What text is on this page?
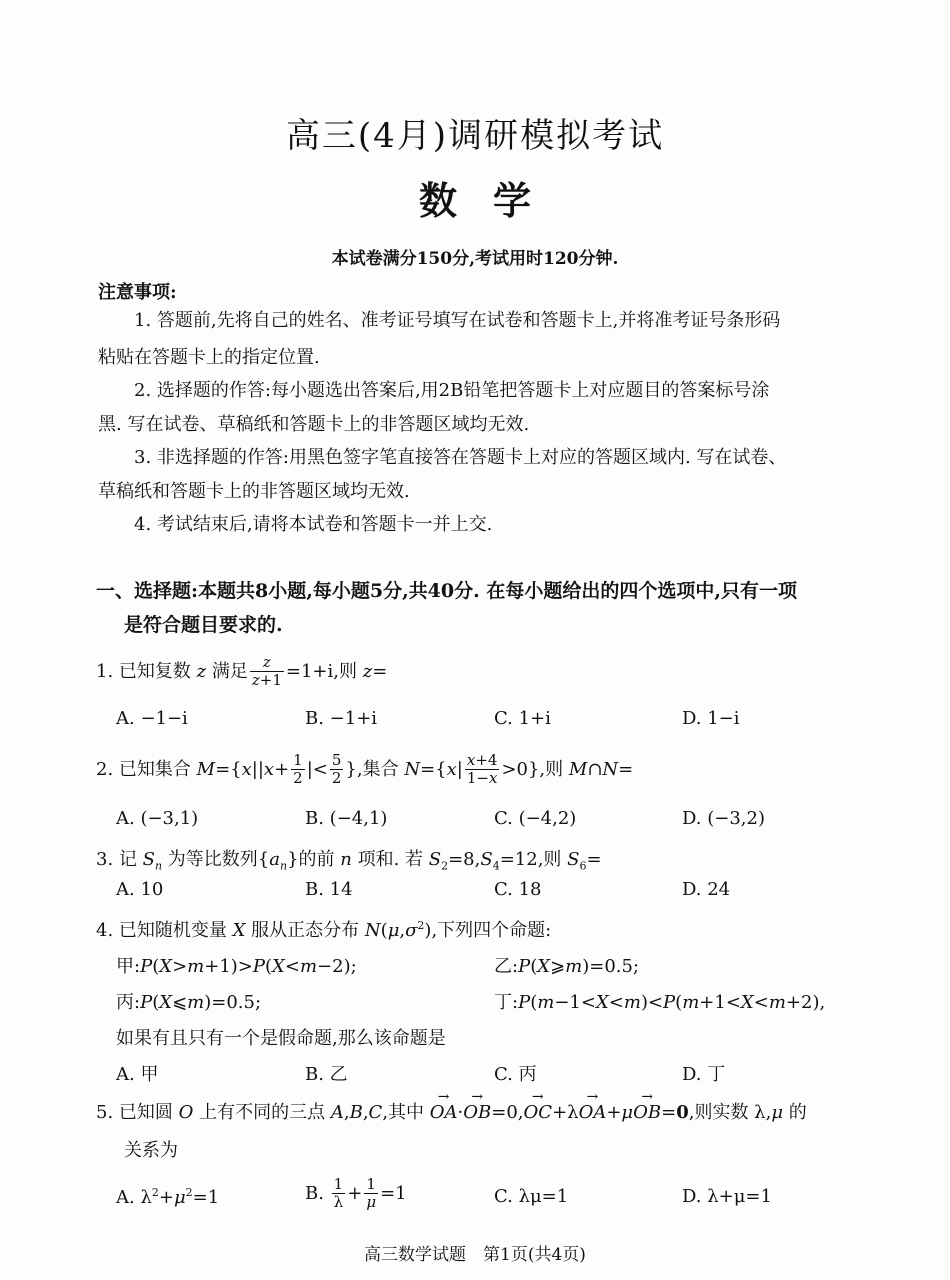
高三(4月)调研模拟考试
数学
本试卷满分150分,考试用时120分钟.
注意事项:
1. 答题前,先将自己的姓名、准考证号填写在试卷和答题卡上,并将准考证号条形码
粘贴在答题卡上的指定位置.
2. 选择题的作答:每小题选出答案后,用2B铅笔把答题卡上对应题目的答案标号涂
黑. 写在试卷、草稿纸和答题卡上的非答题区域均无效.
3. 非选择题的作答:用黑色签字笔直接答在答题卡上对应的答题区域内. 写在试卷、
草稿纸和答题卡上的非答题区域均无效.
4. 考试结束后,请将本试卷和答题卡一并上交.
一、选择题:本题共8小题,每小题5分,共40分. 在每小题给出的四个选项中,只有一项
是符合题目要求的.
1. 已知复数 z 满足 $\frac{z}{z+1} =1+i$,则 z=
A. −1−i	B. −1+i	C. 1+i	D. 1−i
2. 已知集合 $M=\{x||x+ \frac{1}{2}$ |< $\frac{5}{2}$ },集合 $N=\{x| \frac{x+4}{1-x} >0\}$,则 M∩N=
A. (−3,1)	B. (−4,1)	C. (−4,2)	D. (−3,2)
3. 记 $S_n$ 为等比数列$\{a_n\}$的前 n 项和. 若 $S_2=8,S_4=12$,则 $S_6=$
A. 10	B. 14	C. 18	D. 24
4. 已知随机变量 X 服从正态分布 $N(\mu,\sigma^2)$,下列四个命题:
甲:P(X>m+1)>P(X<m−2);	乙:P(X⩾m)=0.5;
丙:P(X⩽m)=0.5;	丁:P(m−1<X<m)<P(m+1<X<m+2),
如果有且只有一个是假命题,那么该命题是
A. 甲	B. 乙	C. 丙	D. 丁
5. 已知圆 O 上有不同的三点 A,B,C,其中 OA →·OB →=0,OC →+λOA →+μOB →=0,则实数 λ,μ 的
关系为
A. $\lambda^2+\mu^2=1$	B. $\frac{1}{\lambda} + \frac{1}{\mu} =1$	C. λμ=1	D. λ+μ=1
高三数学试题　第1页(共4页)
